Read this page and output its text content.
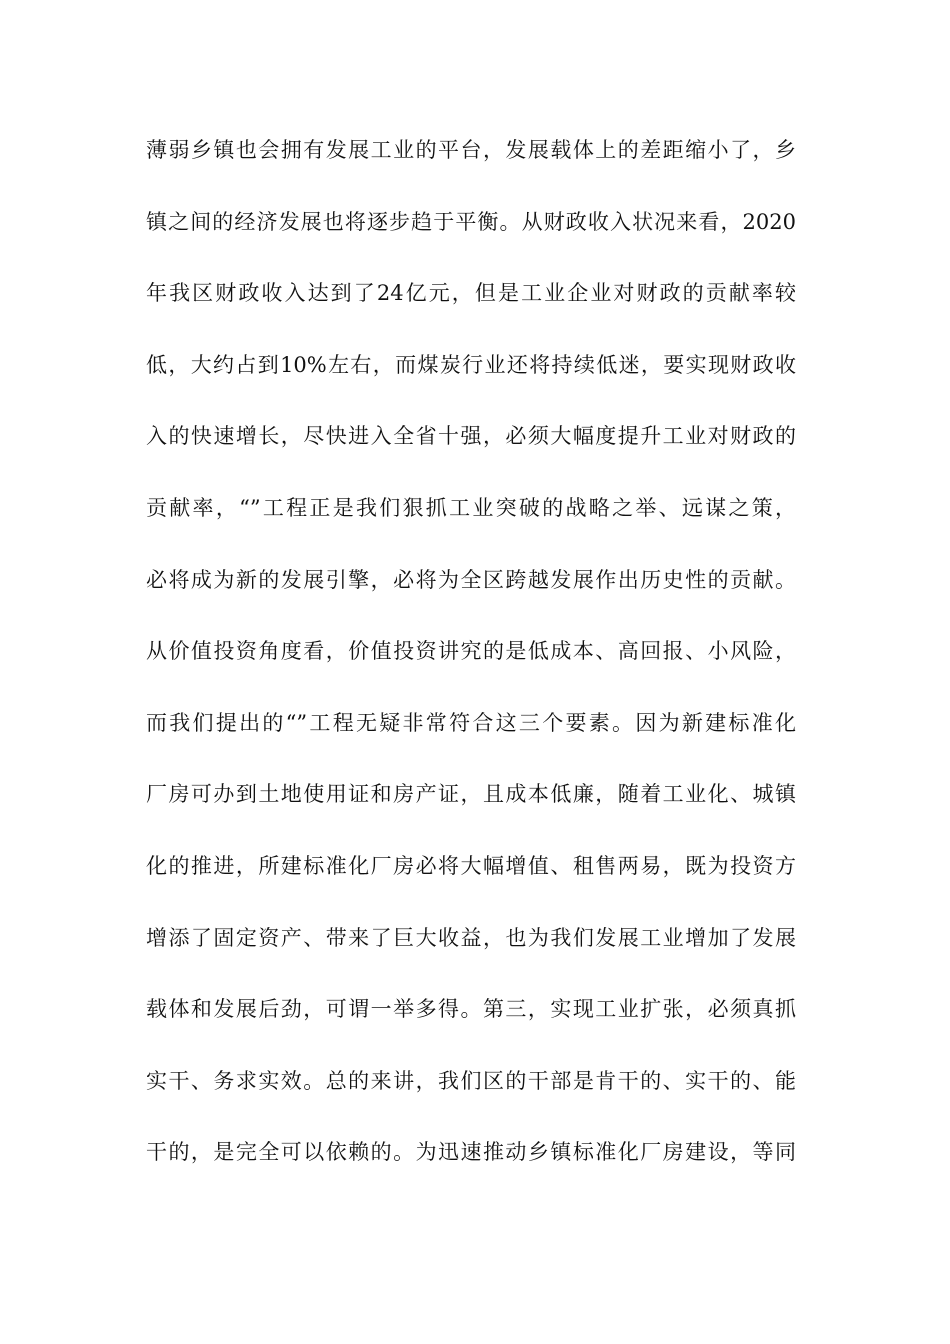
薄弱乡镇也会拥有发展工业的平台，发展载体上的差距缩小了，乡
镇之间的经济发展也将逐步趋于平衡。从财政收入状况来看，2020
年我区财政收入达到了24亿元，但是工业企业对财政的贡献率较
低，大约占到10%左右，而煤炭行业还将持续低迷，要实现财政收
入的快速增长，尽快进入全省十强，必须大幅度提升工业对财政的
贡献率，“”工程正是我们狠抓工业突破的战略之举、远谋之策，
必将成为新的发展引擎，必将为全区跨越发展作出历史性的贡献。
从价值投资角度看，价值投资讲究的是低成本、高回报、小风险，
而我们提出的“”工程无疑非常符合这三个要素。因为新建标准化
厂房可办到土地使用证和房产证，且成本低廉，随着工业化、城镇
化的推进，所建标准化厂房必将大幅增值、租售两易，既为投资方
增添了固定资产、带来了巨大收益，也为我们发展工业增加了发展
载体和发展后劲，可谓一举多得。第三，实现工业扩张，必须真抓
实干、务求实效。总的来讲，我们区的干部是肯干的、实干的、能
干的，是完全可以依赖的。为迅速推动乡镇标准化厂房建设，等同
